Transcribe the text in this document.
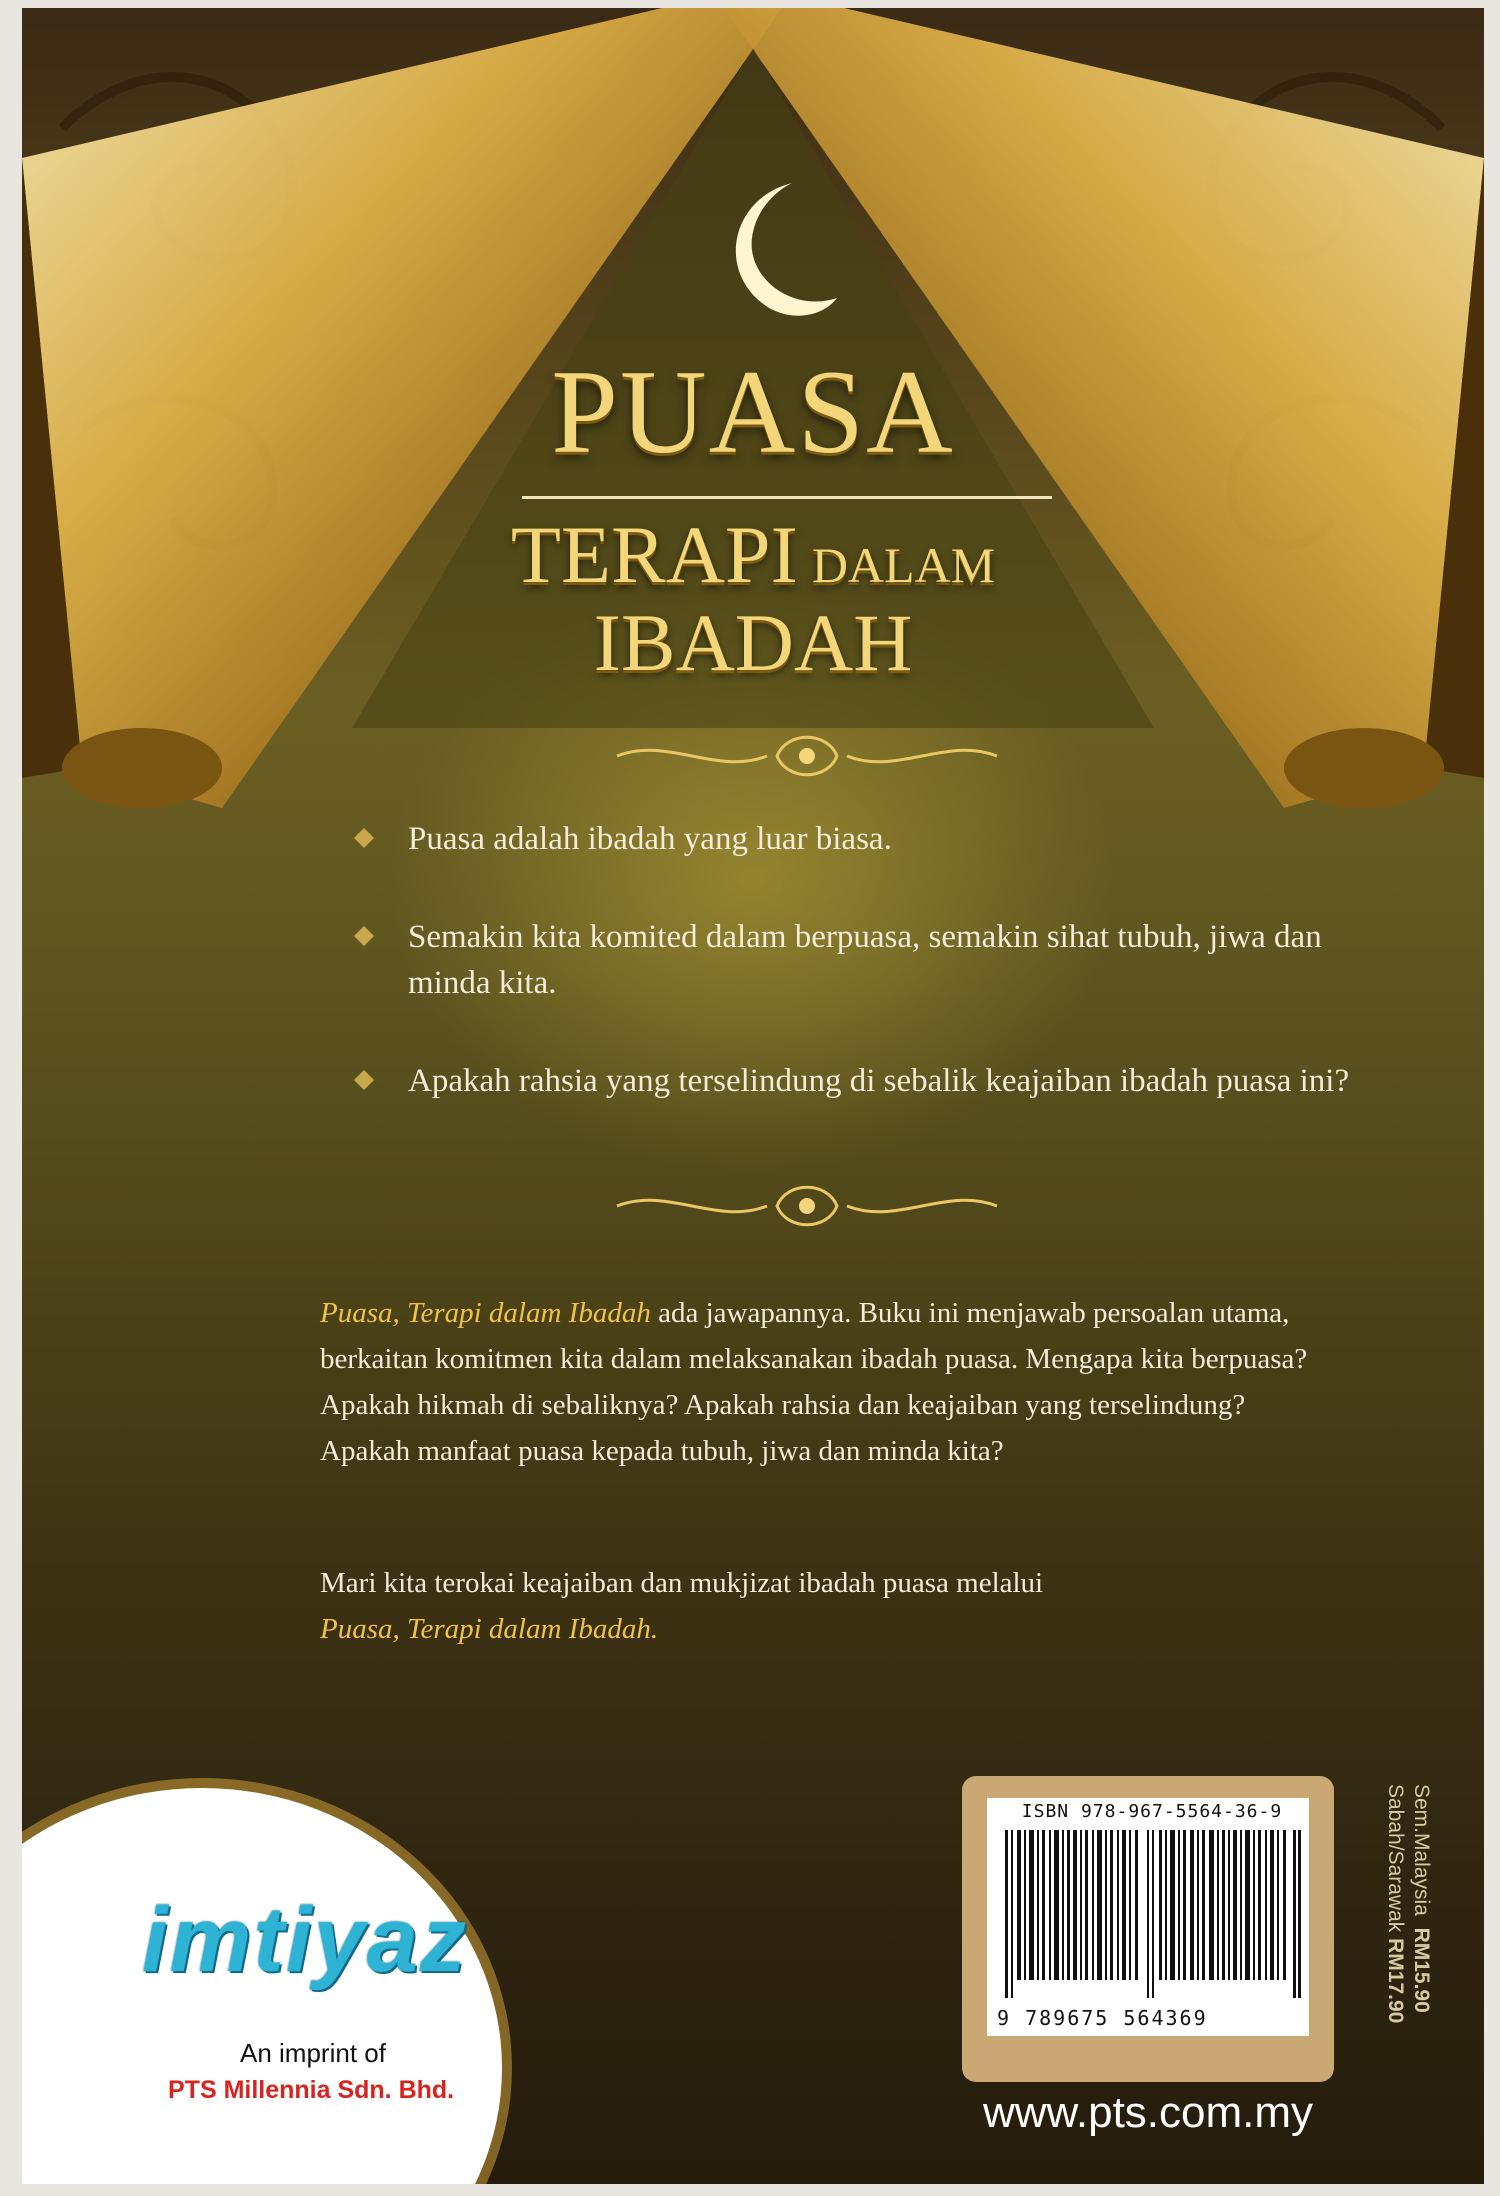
PUASA
TERAPI DALAM
IBADAH
Puasa adalah ibadah yang luar biasa.
Semakin kita komited dalam berpuasa, semakin sihat tubuh, jiwa dan minda kita.
Apakah rahsia yang terselindung di sebalik keajaiban ibadah puasa ini?
Puasa, Terapi dalam Ibadah ada jawapannya. Buku ini menjawab persoalan utama, berkaitan komitmen kita dalam melaksanakan ibadah puasa. Mengapa kita berpuasa? Apakah hikmah di sebaliknya? Apakah rahsia dan keajaiban yang terselindung? Apakah manfaat puasa kepada tubuh, jiwa dan minda kita?
Mari kita terokai keajaiban dan mukjizat ibadah puasa melalui
Puasa, Terapi dalam Ibadah.
imtiyaz
An imprint of
PTS Millennia Sdn. Bhd.
ISBN 978-967-5564-36-9
9 789675 564369
www.pts.com.my
Sem.Malaysia  RM15.90
Sabah/Sarawak RM17.90
